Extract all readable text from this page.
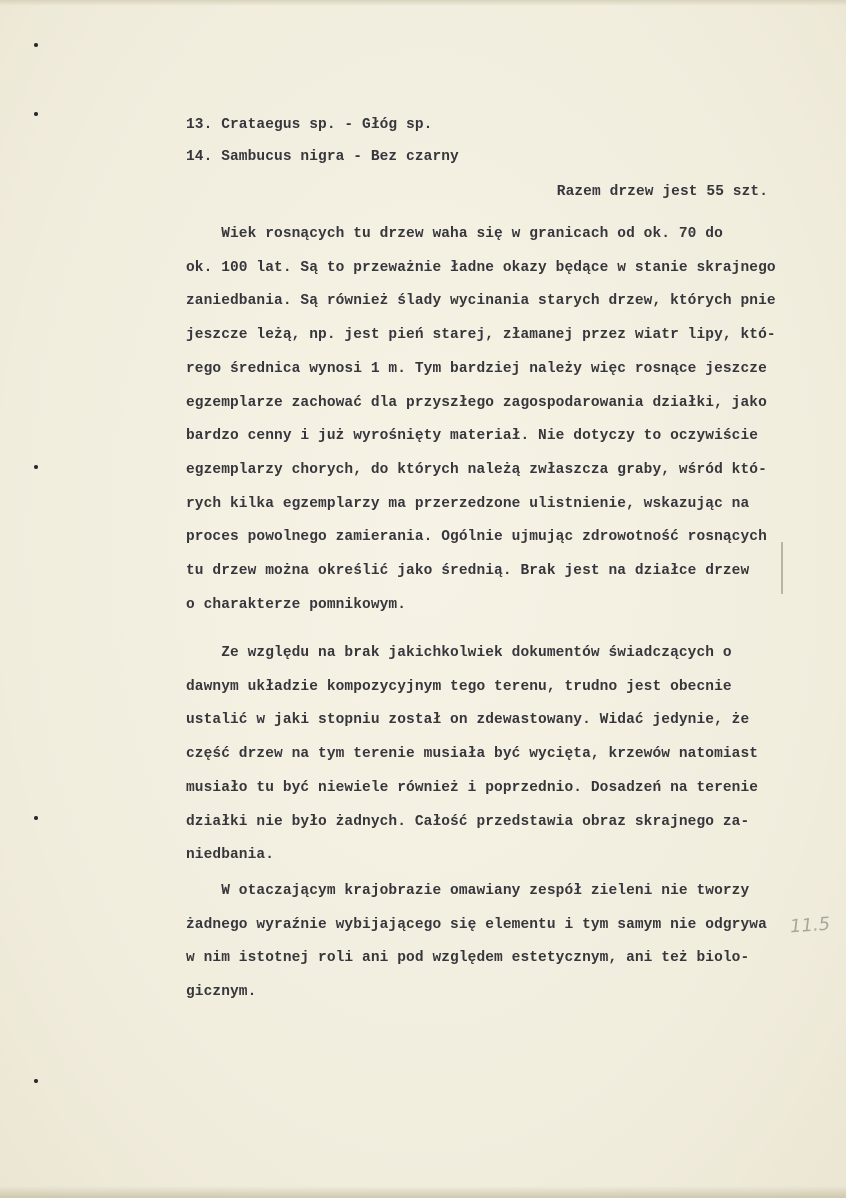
13. Crataegus sp. - Głóg sp.
14. Sambucus nigra - Bez czarny
Razem drzew jest 55 szt.
Wiek rosnących tu drzew waha się w granicach od ok. 70 do
ok. 100 lat. Są to przeważnie ładne okazy będące w stanie skrajnego
zaniedbania. Są również ślady wycinania starych drzew, których pnie
jeszcze leżą, np. jest pień starej, złamanej przez wiatr lipy, któ-
rego średnica wynosi 1 m. Tym bardziej należy więc rosnące jeszcze
egzemplarze zachować dla przyszłego zagospodarowania działki, jako
bardzo cenny i już wyrośnięty materiał. Nie dotyczy to oczywiście
egzemplarzy chorych, do których należą zwłaszcza graby, wśród któ-
rych kilka egzemplarzy ma przerzedzone ulistnienie, wskazując na
proces powolnego zamierania. Ogólnie ujmując zdrowotność rosnących
tu drzew można określić jako średnią. Brak jest na działce drzew
o charakterze pomnikowym.
Ze względu na brak jakichkolwiek dokumentów świadczących o
dawnym układzie kompozycyjnym tego terenu, trudno jest obecnie
ustalić w jaki stopniu został on zdewastowany. Widać jedynie, że
część drzew na tym terenie musiała być wycięta, krzewów natomiast
musiało tu być niewiele również i poprzednio. Dosadzeń na terenie
działki nie było żadnych. Całość przedstawia obraz skrajnego za-
niedbania.
W otaczającym krajobrazie omawiany zespół zieleni nie tworzy
żadnego wyraźnie wybijającego się elementu i tym samym nie odgrywa
w nim istotnej roli ani pod względem estetycznym, ani też biolo-
gicznym.
11.5
